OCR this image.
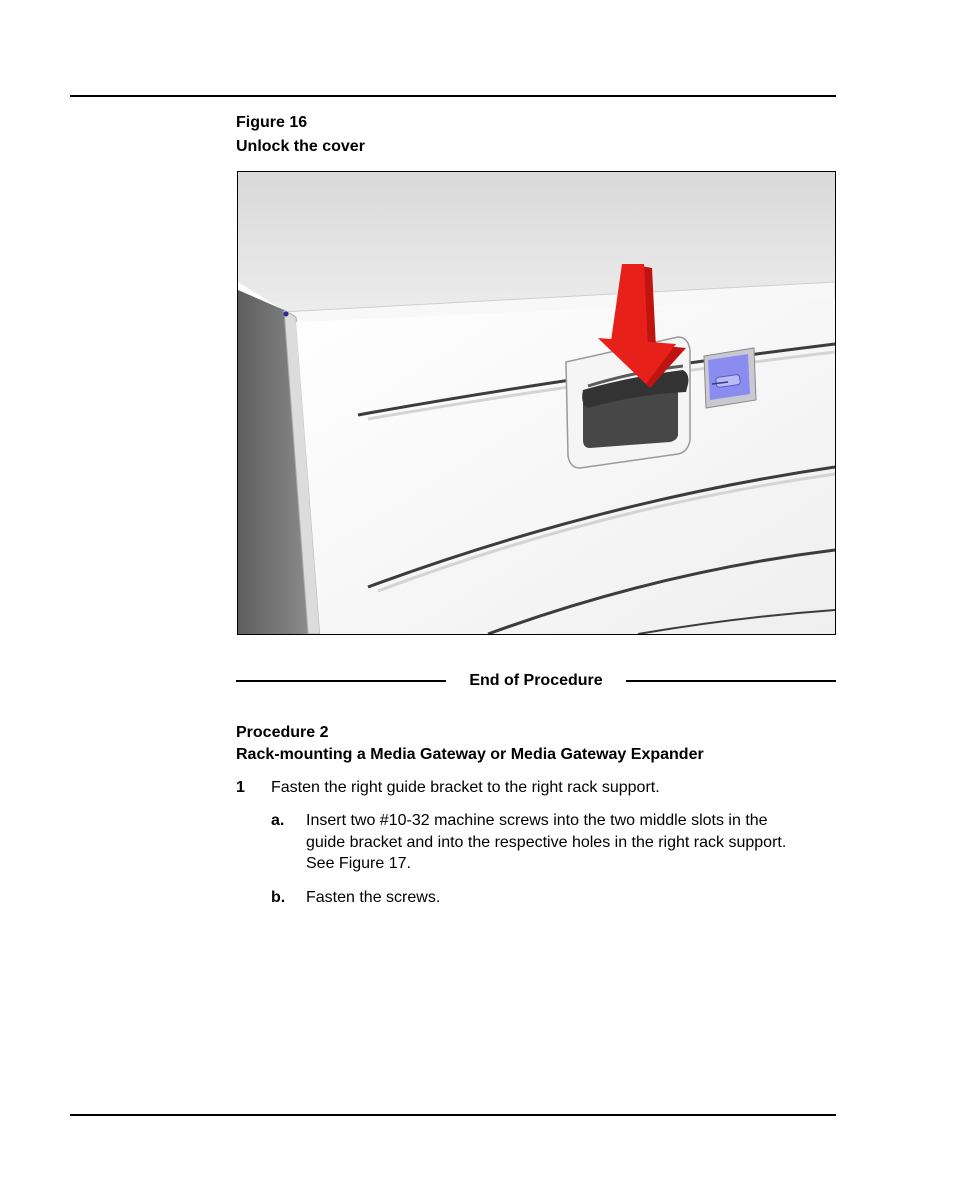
Figure 16
Unlock the cover
End of Procedure
Procedure 2
Rack-mounting a Media Gateway or Media Gateway Expander
1 Fasten the right guide bracket to the right rack support.
a. Insert two #10-32 machine screws into the two middle slots in the
guide bracket and into the respective holes in the right rack support.
See Figure 17.
b. Fasten the screws.
